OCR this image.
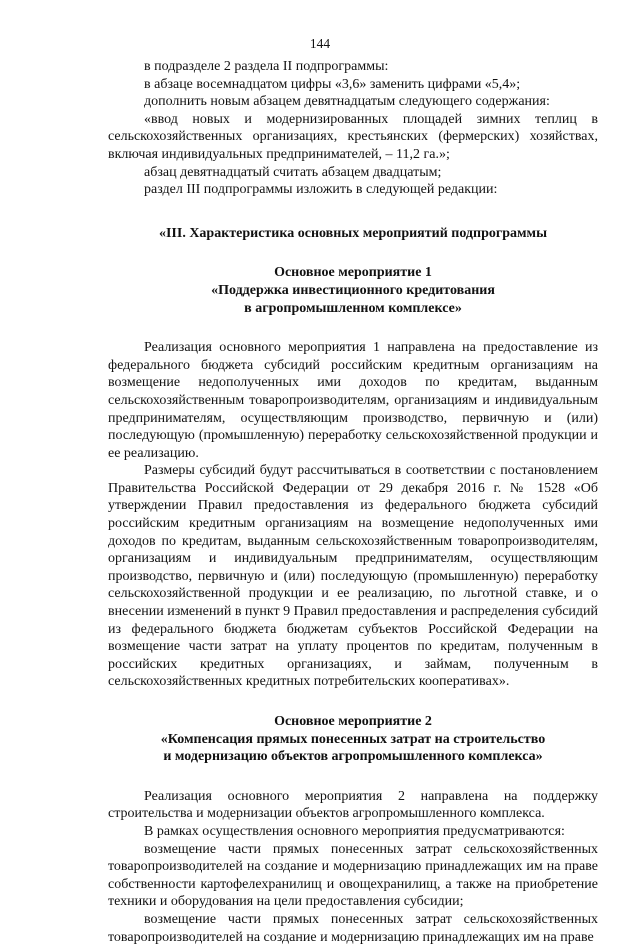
144

в подразделе 2 раздела II подпрограммы:

в абзаце восемнадцатом цифры «3,6» заменить цифрами «5,4»;

дополнить новым абзацем девятнадцатым следующего содержания:

«ввод новых и модернизированных площадей зимних теплиц в сельскохозяйственных организациях, крестьянских (фермерских) хозяйствах, включая индивидуальных предпринимателей, – 11,2 га.»;

абзац девятнадцатый считать абзацем двадцатым;

раздел III подпрограммы изложить в следующей редакции:

«III. Характеристика основных мероприятий подпрограммы
Основное мероприятие 1
«Поддержка инвестиционного кредитования
в агропромышленном комплексе»

Реализация основного мероприятия 1 направлена на предоставление из федерального бюджета субсидий российским кредитным организациям на возмещение недополученных ими доходов по кредитам, выданным сельскохозяйственным товаропроизводителям, организациям и индивидуальным предпринимателям, осуществляющим производство, первичную и (или) последующую (промышленную) переработку сельскохозяйственной продукции и ее реализацию.

Размеры субсидий будут рассчитываться в соответствии с постановлением Правительства Российской Федерации от 29 декабря 2016 г. № 1528 «Об утверждении Правил предоставления из федерального бюджета субсидий российским кредитным организациям на возмещение недополученных ими доходов по кредитам, выданным сельскохозяйственным товаропроизводителям, организациям и индивидуальным предпринимателям, осуществляющим производство, первичную и (или) последующую (промышленную) переработку сельскохозяйственной продукции и ее реализацию, по льготной ставке, и о внесении изменений в пункт 9 Правил предоставления и распределения субсидий из федерального бюджета бюджетам субъектов Российской Федерации на возмещение части затрат на уплату процентов по кредитам, полученным в российских кредитных организациях, и займам, полученным в сельскохозяйственных кредитных потребительских кооперативах».

Основное мероприятие 2
«Компенсация прямых понесенных затрат на строительство
и модернизацию объектов агропромышленного комплекса»

Реализация основного мероприятия 2 направлена на поддержку строительства и модернизации объектов агропромышленного комплекса.

В рамках осуществления основного мероприятия предусматриваются:

возмещение части прямых понесенных затрат сельскохозяйственных товаропроизводителей на создание и модернизацию принадлежащих им на праве собственности картофелехранилищ и овощехранилищ, а также на приобретение техники и оборудования на цели предоставления субсидии;

возмещение части прямых понесенных затрат сельскохозяйственных товаропроизводителей на создание и модернизацию принадлежащих им на праве
